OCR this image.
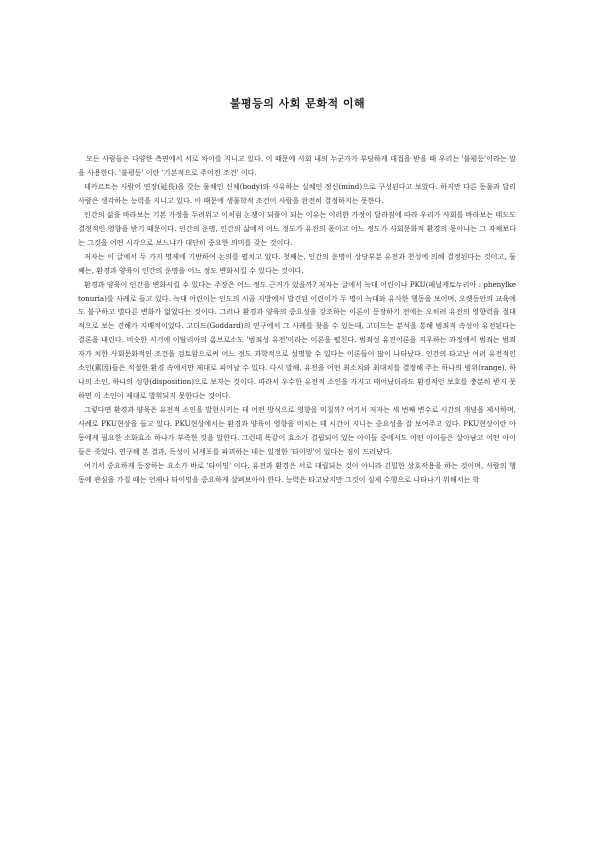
불평등의 사회 문화적 이해

모든 사람들은 다양한 측면에서 서로 차이를 지니고 있다. 이 때문에 사회 내의 누군가가 부당하게 대접을 받을 때 우리는 '불평등'이라는 말을 사용한다. '불평등' 이란 '기본적으로 주어진 조건' 이다.

데카르트는 사람이 연장(延長)을 갖는 물체인 신체(body)와 사유하는 실체인 정신(mind)으로 구성된다고 보았다. 하지만 다른 동물과 달리 사람은 생각하는 능력을 지니고 있다. 이 때문에 생물학적 조건이 사람을 완전히 결정하지는 못한다.

인간의 삶을 바라보는 기본 가정을 두려워고 이처럼 논쟁이 되풀이 되는 이유는 이러한 가정이 달라짐에 따라 우리가 사회를 바라보는 태도도 결정적인 영향을 받기 때문이다. 인간의 운명, 인간의 삶에서 어느 정도가 유전의 몫이고 어느 정도가 사회문화적 환경의 몫이냐는 그 자체보다는 그것을 어떤 시각으로 보느냐가 대단히 중요한 의미를 갖는 것이다.

저자는 이 글에서 두 가지 명제에 기반하여 논의를 펼치고 있다. 첫째는, 인간의 운명이 상당부분 유전과 천성에 의해 결정된다는 것이고, 둘째는, 환경과 양육이 인간의 운명을 어느 정도 변화시킬 수 있다는 것이다.

환경과 양육이 인간을 변화시킬 수 있다는 주장은 어느 정도 근거가 있을까? 저자는 글에서 늑대 어린이나 PKU(페닐케토누리아 : phenylketonuria)를 사례로 들고 있다. 늑대 어린이는 인도의 시골 지방에서 발견된 어린이가 두 명이 늑대와 유사한 행동을 보이며, 오랫동안의 교육에도 불구하고 별다른 변화가 없었다는 것이다. 그러나 환경과 양육의 중요성을 강조하는 이론이 등장하기 전에는 오히려 유전의 영향력을 절대적으로 보는 견해가 지배적이었다. 고더드(Goddard)의 연구에서 그 사례를 찾을 수 있는데, 고더드는 분석을 통해 범죄적 속성이 유전된다는 결론을 내린다. 비슷한 시기에 이탈리아의 롬브로소도 '범죄성 유전'이라는 이론을 펼친다. 범죄성 유전이론을 지우하는 과정에서 범죄는 범죄자가 처한 사회문화적인 조건을 검토함으로써 어느 정도 과학적으로 설명할 수 있다는 이론들이 많이 나타났다. 인간의 타고난 여러 유전적인 소인(素因)들은 적절한 환경 속에서만 제대로 피어날 수 있다. 다시 말해, 유전을 어떤 최소치와 최대치를 결정해 주는 하나의 범위(range), 하나의 소인, 하나의 성향(disposition)으로 보자는 것이다. 따라서 우수한 유전적 소인을 가지고 태어났더라도 환경적인 보호를 충분히 받지 못하면 이 소인이 제대로 발휘되지 못한다는 것이다.

그렇다면 환경과 양육은 유전적 소인을 발현시키는 데 어떤 방식으로 영향을 미칠까? 여기서 저자는 세 번째 변수로 시간의 개념을 제시하며, 사례로 PKU현상을 들고 있다. PKU현상에서는 환경과 양육이 영향을 미치는 데 시간이 지니는 중요성을 잘 보여주고 있다. PKU현상이란 아동에게 필요한 소화효소 하나가 부족한 것을 말한다. 그런데 똑같이 효소가 결핍되어 있는 아이들 중에서도 어떤 아이들은 살아남고 어떤 아이들은 죽었다. 연구해 본 결과, 독성이 뇌세포를 파괴하는 데는 일정한 '타이밍'이 있다는 점이 드러났다.

여기서 중요하게 등장하는 요소가 바로 '타이밍' 이다. 유전과 환경은 서로 대립되는 것이 아니라 긴밀한 상호작용을 하는 것이며, 사람의 행동에 관심을 가질 때는 언제나 타이밍을 중요하게 살펴보아야 한다. 능력은 타고났지만 그것이 실제 수행으로 나타나기 위해서는 학
